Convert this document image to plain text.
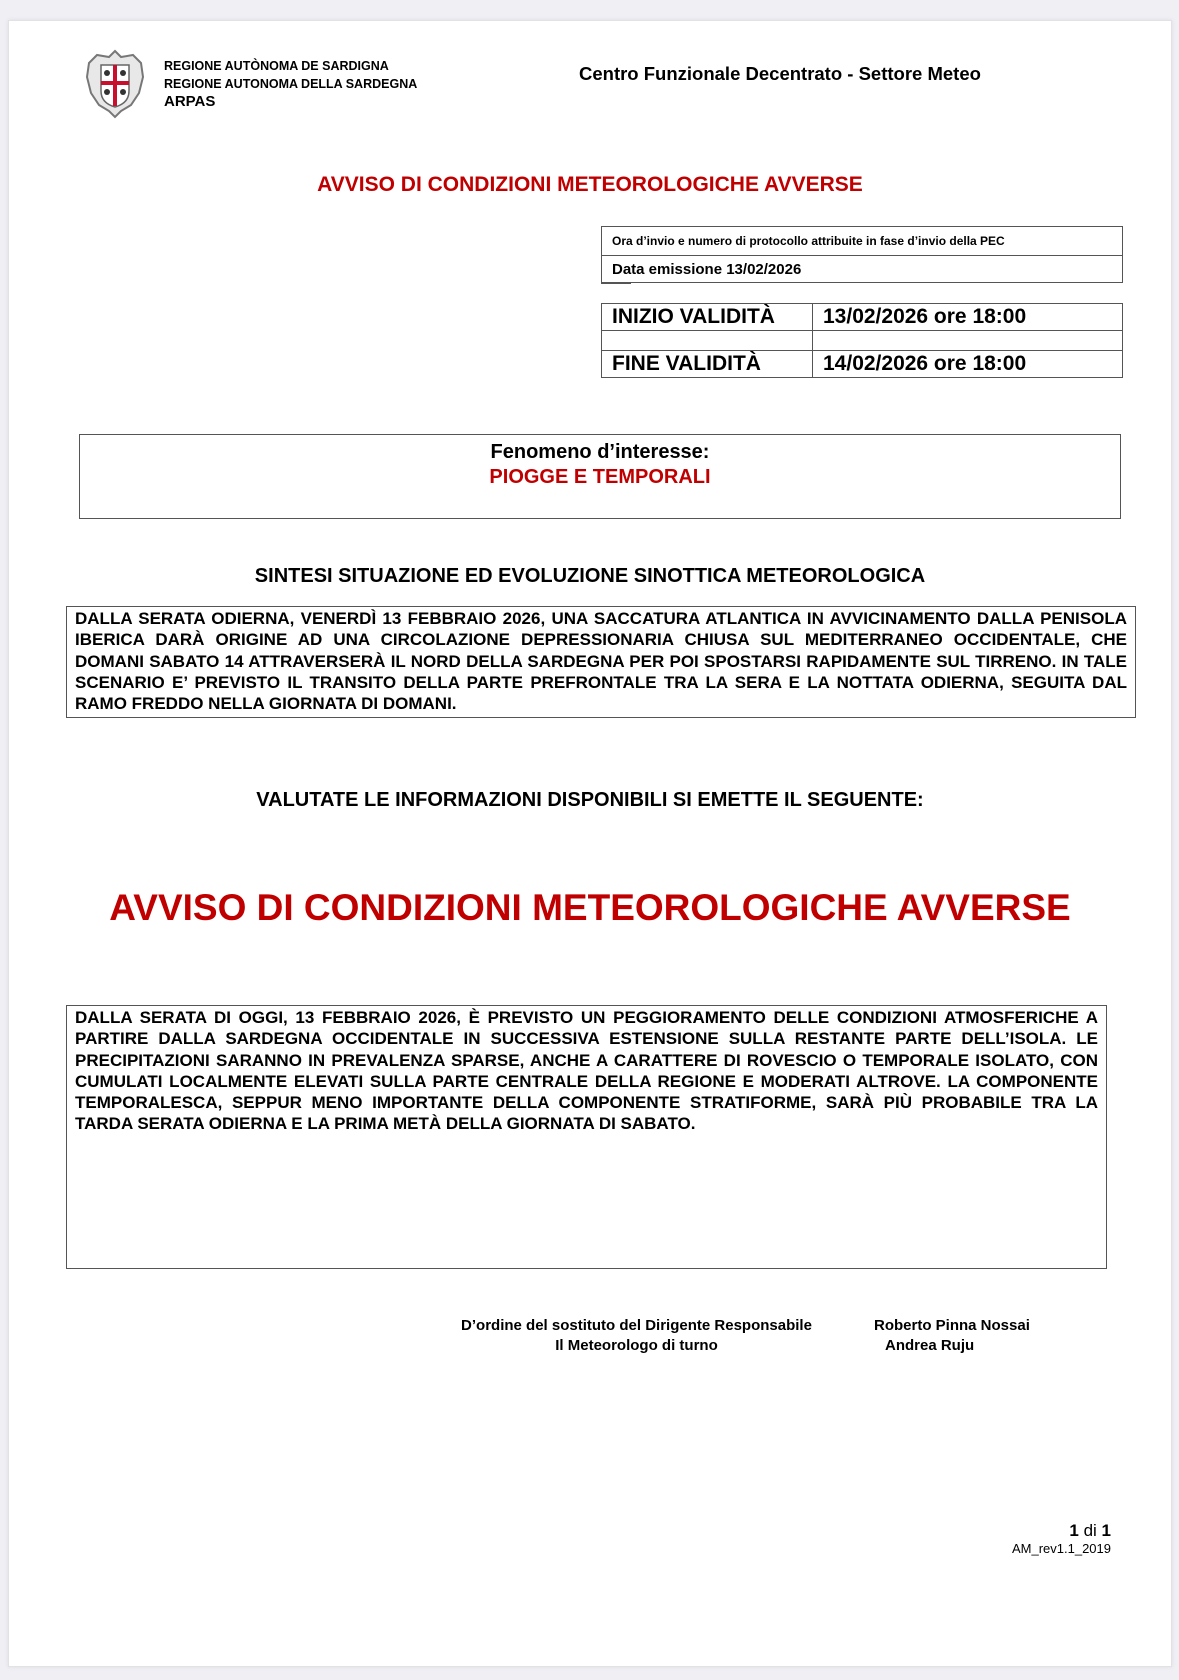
REGIONE AUTÒNOMA DE SARDIGNA
REGIONE AUTONOMA DELLA SARDEGNA
ARPAS
Centro Funzionale Decentrato - Settore Meteo
AVVISO DI CONDIZIONI METEOROLOGICHE AVVERSE
Ora d’invio e numero di protocollo attribuite in fase d’invio della PEC
Data emissione 13/02/2026
INIZIO VALIDITÀ	13/02/2026 ore 18:00

FINE VALIDITÀ	14/02/2026 ore 18:00
Fenomeno d’interesse:
PIOGGE E TEMPORALI
SINTESI SITUAZIONE ED EVOLUZIONE SINOTTICA METEOROLOGICA
DALLA SERATA ODIERNA, VENERDÌ 13 FEBBRAIO 2026, UNA SACCATURA ATLANTICA IN AVVICINAMENTO DALLA PENISOLA IBERICA DARÀ ORIGINE AD UNA CIRCOLAZIONE DEPRESSIONARIA CHIUSA SUL MEDITERRANEO OCCIDENTALE, CHE DOMANI SABATO 14 ATTRAVERSERÀ IL NORD DELLA SARDEGNA PER POI SPOSTARSI RAPIDAMENTE SUL TIRRENO. IN TALE SCENARIO E’ PREVISTO IL TRANSITO DELLA PARTE PREFRONTALE TRA LA SERA E LA NOTTATA ODIERNA, SEGUITA DAL RAMO FREDDO NELLA GIORNATA DI DOMANI.
VALUTATE LE INFORMAZIONI DISPONIBILI SI EMETTE IL SEGUENTE:
AVVISO DI CONDIZIONI METEOROLOGICHE AVVERSE
DALLA SERATA DI OGGI, 13 FEBBRAIO 2026, È PREVISTO UN PEGGIORAMENTO DELLE CONDIZIONI ATMOSFERICHE A PARTIRE DALLA SARDEGNA OCCIDENTALE IN SUCCESSIVA ESTENSIONE SULLA RESTANTE PARTE DELL’ISOLA. LE PRECIPITAZIONI SARANNO IN PREVALENZA SPARSE, ANCHE A CARATTERE DI ROVESCIO O TEMPORALE ISOLATO, CON CUMULATI LOCALMENTE ELEVATI SULLA PARTE CENTRALE DELLA REGIONE E MODERATI ALTROVE. LA COMPONENTE TEMPORALESCA, SEPPUR MENO IMPORTANTE DELLA COMPONENTE STRATIFORME, SARÀ PIÙ PROBABILE TRA LA TARDA SERATA ODIERNA E LA PRIMA METÀ DELLA GIORNATA DI SABATO.
D’ordine del sostituto del Dirigente Responsabile
Il Meteorologo di turno
Roberto Pinna Nossai
Andrea Ruju
1 di 1
AM_rev1.1_2019
